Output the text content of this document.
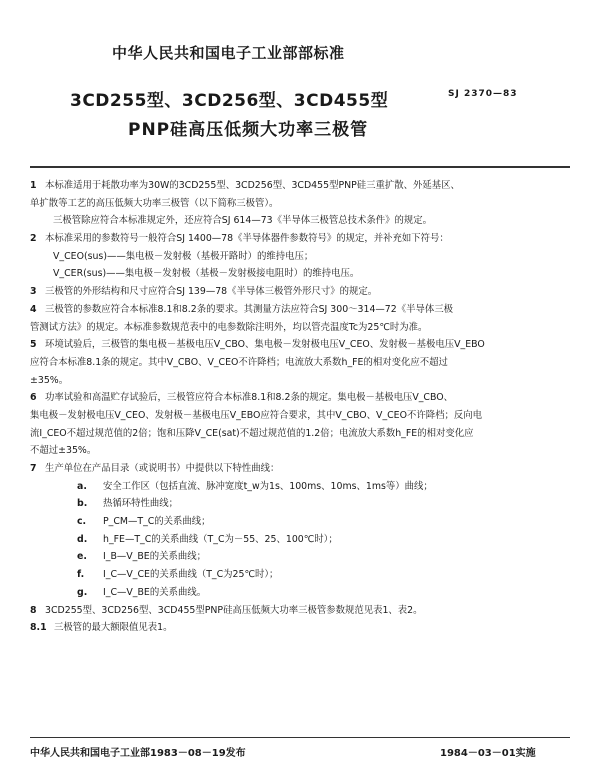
中华人民共和国电子工业部部标准
3CD255型、3CD256型、3CD455型	SJ 2370—83
PNP硅高压低频大功率三极管
1 本标准适用于耗散功率为30W的3CD255型、3CD256型、3CD455型PNP硅三重扩散、外延基区、
单扩散等工艺的高压低频大功率三极管（以下简称三极管）。
三极管除应符合本标准规定外，还应符合SJ 614—73《半导体三极管总技术条件》的规定。
2 本标准采用的参数符号一般符合SJ 1400—78《半导体器件参数符号》的规定，并补充如下符号：
V_CEO(sus)——集电极－发射极（基极开路时）的维持电压；
V_CER(sus)——集电极－发射极（基极－发射极接电阻时）的维持电压。
3 三极管的外形结构和尺寸应符合SJ 139—78《半导体三极管外形尺寸》的规定。
4 三极管的参数应符合本标准8.1和8.2条的要求。其测量方法应符合SJ 300～314—72《半导体三极
管测试方法》的规定。本标准参数规范表中的电参数除注明外，均以管壳温度Tc为25℃时为准。
5 环境试验后，三极管的集电极－基极电压V_CBO、集电极－发射极电压V_CEO、发射极－基极电压V_EBO
应符合本标准8.1条的规定。其中V_CBO、V_CEO不许降档；电流放大系数h_FE的相对变化应不超过
±35%。
6 功率试验和高温贮存试验后，三极管应符合本标准8.1和8.2条的规定。集电极－基极电压V_CBO、
集电极－发射极电压V_CEO、发射极－基极电压V_EBO应符合要求，其中V_CBO、V_CEO不许降档；反向电
流I_CEO不超过规范值的2倍；饱和压降V_CE(sat)不超过规范值的1.2倍；电流放大系数h_FE的相对变化应
不超过±35%。
7 生产单位在产品目录（或说明书）中提供以下特性曲线：
a. 安全工作区（包括直流、脉冲宽度t_w为1s、100ms、10ms、1ms等）曲线；
b. 热循环特性曲线；
c. P_CM—T_C的关系曲线；
d. h_FE—T_C的关系曲线（T_C为－55、25、100℃时）；
e. I_B—V_BE的关系曲线；
f. I_C—V_CE的关系曲线（T_C为25℃时）；
g. I_C—V_BE的关系曲线。
8 3CD255型、3CD256型、3CD455型PNP硅高压低频大功率三极管参数规范见表1、表2。
8.1 三极管的最大额限值见表1。
中华人民共和国电子工业部1983－08－19发布	1984－03－01实施
